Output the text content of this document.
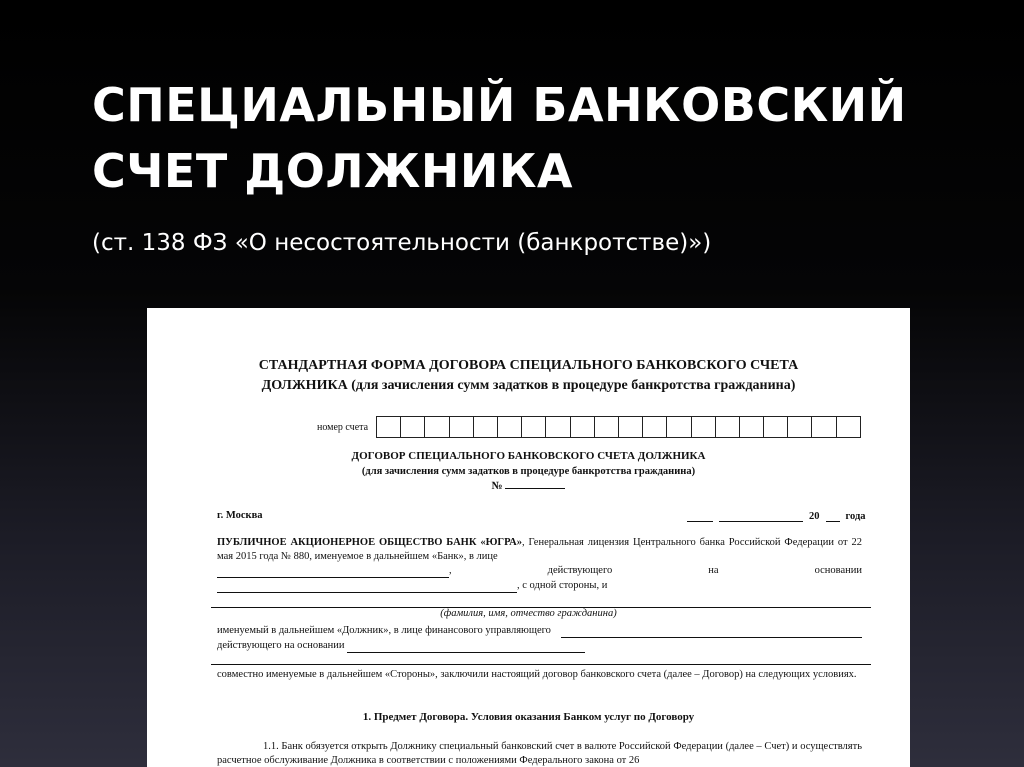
СПЕЦИАЛЬНЫЙ БАНКОВСКИЙ
СЧЕТ ДОЛЖНИКА
(ст. 138 ФЗ «О несостоятельности (банкротстве)»)
СТАНДАРТНАЯ ФОРМА ДОГОВОРА СПЕЦИАЛЬНОГО БАНКОВСКОГО СЧЕТА
ДОЛЖНИКА (для зачисления сумм задатков в процедуре банкротства гражданина)
номер счета
ДОГОВОР СПЕЦИАЛЬНОГО БАНКОВСКОГО СЧЕТА ДОЛЖНИКА
(для зачисления сумм задатков в процедуре банкротства гражданина)
№
г. Москва	20 года
ПУБЛИЧНОЕ АКЦИОНЕРНОЕ ОБЩЕСТВО БАНК «ЮГРА», Генеральная лицензия Центрального банка Российской Федерации от 22 мая 2015 года № 880, именуемое в дальнейшем «Банк», в лице
,	действующего	на	основании
, с одной стороны, и
(фамилия, имя, отчество гражданина)
именуемый в дальнейшем «Должник», в лице финансового управляющего
действующего на основании
совместно именуемые в дальнейшем «Стороны», заключили настоящий договор банковского счета (далее – Договор) на следующих условиях.
1. Предмет Договора. Условия оказания Банком услуг по Договору
1.1. Банк обязуется открыть Должнику специальный банковский счет в валюте Российской Федерации (далее – Счет) и осуществлять расчетное обслуживание Должника в соответствии с положениями Федерального закона от 26
